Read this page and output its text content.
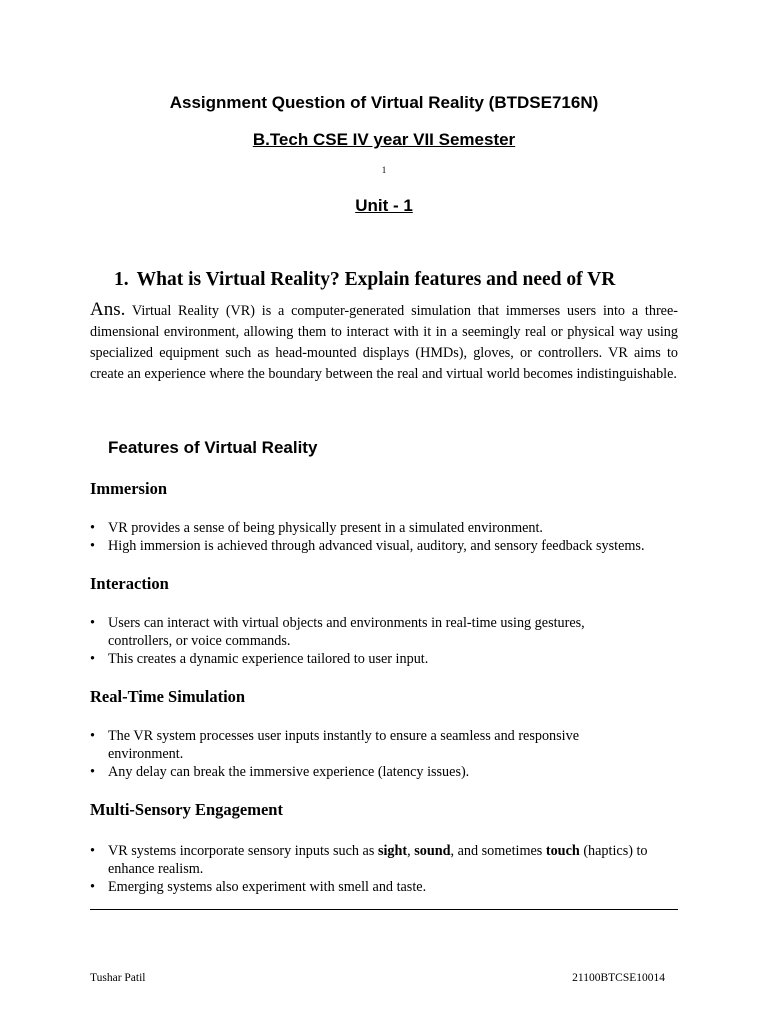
Assignment Question of Virtual Reality (BTDSE716N)
B.Tech CSE IV year VII Semester
1
Unit - 1
1. What is Virtual Reality? Explain features and need of VR
Ans. Virtual Reality (VR) is a computer-generated simulation that immerses users into a three-dimensional environment, allowing them to interact with it in a seemingly real or physical way using specialized equipment such as head-mounted displays (HMDs), gloves, or controllers. VR aims to create an experience where the boundary between the real and virtual world becomes indistinguishable.
Features of Virtual Reality
Immersion
• VR provides a sense of being physically present in a simulated environment.
• High immersion is achieved through advanced visual, auditory, and sensory feedback systems.
Interaction
• Users can interact with virtual objects and environments in real-time using gestures, controllers, or voice commands.
• This creates a dynamic experience tailored to user input.
Real-Time Simulation
• The VR system processes user inputs instantly to ensure a seamless and responsive environment.
• Any delay can break the immersive experience (latency issues).
Multi-Sensory Engagement
• VR systems incorporate sensory inputs such as sight, sound, and sometimes touch (haptics) to enhance realism.
• Emerging systems also experiment with smell and taste.
Tushar Patil	21100BTCSE10014
